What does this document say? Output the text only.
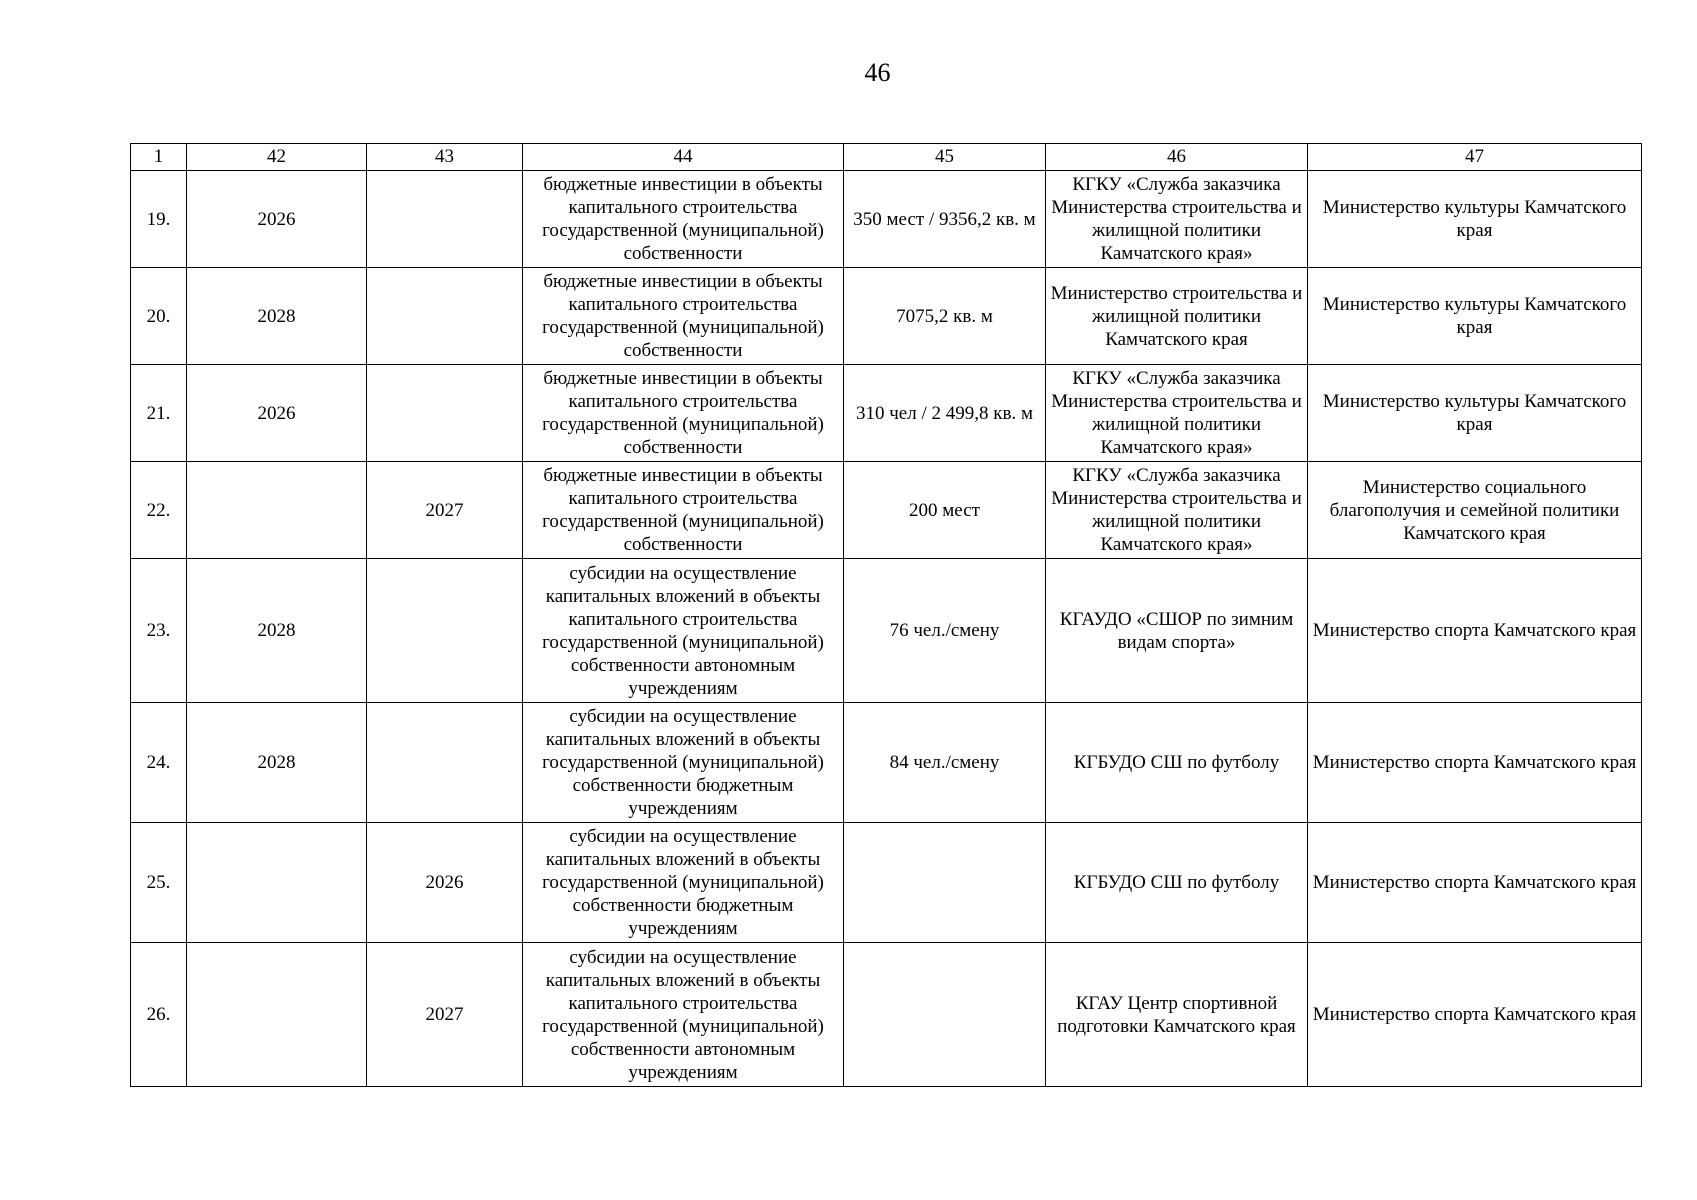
46
1	42	43	44	45	46	47
19.	2026		бюджетные инвестиции в объекты капитального строительства государственной (муниципальной) собственности	350 мест / 9356,2 кв. м	КГКУ «Служба заказчика Министерства строительства и жилищной политики Камчатского края»	Министерство культуры Камчатского края
20.	2028		бюджетные инвестиции в объекты капитального строительства государственной (муниципальной) собственности	7075,2 кв. м	Министерство строительства и жилищной политики Камчатского края	Министерство культуры Камчатского края
21.	2026		бюджетные инвестиции в объекты капитального строительства государственной (муниципальной) собственности	310 чел / 2 499,8 кв. м	КГКУ «Служба заказчика Министерства строительства и жилищной политики Камчатского края»	Министерство культуры Камчатского края
22.		2027	бюджетные инвестиции в объекты капитального строительства государственной (муниципальной) собственности	200 мест	КГКУ «Служба заказчика Министерства строительства и жилищной политики Камчатского края»	Министерство социального благополучия и семейной политики Камчатского края
23.	2028		субсидии на осуществление капитальных вложений в объекты капитального строительства государственной (муниципальной) собственности автономным учреждениям	76 чел./смену	КГАУДО «СШОР по зимним видам спорта»	Министерство спорта Камчатского края
24.	2028		субсидии на осуществление капитальных вложений в объекты государственной (муниципальной) собственности бюджетным учреждениям	84 чел./смену	КГБУДО СШ по футболу	Министерство спорта Камчатского края
25.		2026	субсидии на осуществление капитальных вложений в объекты государственной (муниципальной) собственности бюджетным учреждениям		КГБУДО СШ по футболу	Министерство спорта Камчатского края
26.		2027	субсидии на осуществление капитальных вложений в объекты капитального строительства государственной (муниципальной) собственности автономным учреждениям		КГАУ Центр спортивной подготовки Камчатского края	Министерство спорта Камчатского края
